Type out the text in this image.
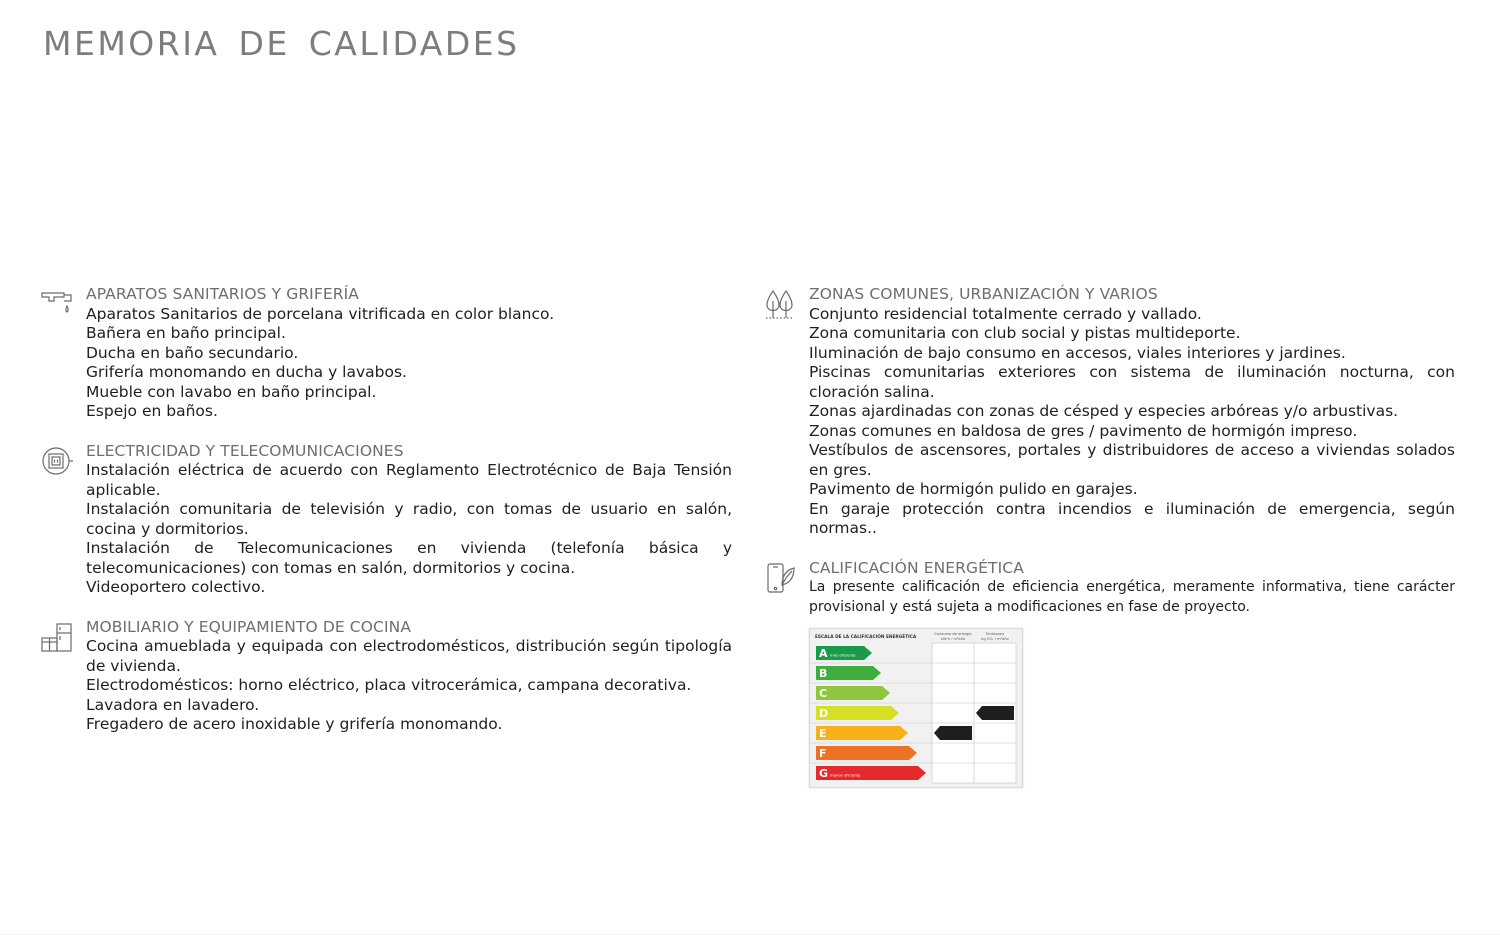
MEMORIA DE CALIDADES
APARATOS SANITARIOS Y GRIFERÍA
Aparatos Sanitarios de porcelana vitrificada en color blanco.
Bañera en baño principal.
Ducha en baño secundario.
Grifería monomando en ducha y lavabos.
Mueble con lavabo en baño principal.
Espejo en baños.
ELECTRICIDAD Y TELECOMUNICACIONES
Instalación eléctrica de acuerdo con Reglamento Electrotécnico de Baja Tensión aplicable.
Instalación comunitaria de televisión y radio, con tomas de usuario en salón, cocina y dormitorios.
Instalación de Telecomunicaciones en vivienda (telefonía básica y telecomunicaciones) con tomas en salón, dormitorios y cocina.
Videoportero colectivo.
MOBILIARIO Y EQUIPAMIENTO DE COCINA
Cocina amueblada y equipada con electrodomésticos, distribución según tipología de vivienda.
Electrodomésticos: horno eléctrico, placa vitrocerámica, campana decorativa.
Lavadora en lavadero.
Fregadero de acero inoxidable y grifería monomando.
ZONAS COMUNES, URBANIZACIÓN Y VARIOS
Conjunto residencial totalmente cerrado y vallado.
Zona comunitaria con club social y pistas multideporte.
Iluminación de bajo consumo en accesos, viales interiores y jardines.
Piscinas comunitarias exteriores con sistema de iluminación nocturna, con cloración salina.
Zonas ajardinadas con zonas de césped y especies arbóreas y/o arbustivas.
Zonas comunes en baldosa de gres / pavimento de hormigón impreso.
Vestíbulos de ascensores, portales y distribuidores de acceso a viviendas solados en gres.
Pavimento de hormigón pulido en garajes.
En garaje protección contra incendios e iluminación de emergencia, según normas..
CALIFICACIÓN ENERGÉTICA
La presente calificación de eficiencia energética, meramente informativa, tiene carácter provisional y está sujeta a modificaciones en fase de proyecto.
ESCALA DE LA CALIFICACIÓN ENERGÉTICA
Consumo de energía
kW·h / m²año
Emisiones
kg CO₂ / m²año
A más eficiente
B
C
D
E
F
G menos eficiente
